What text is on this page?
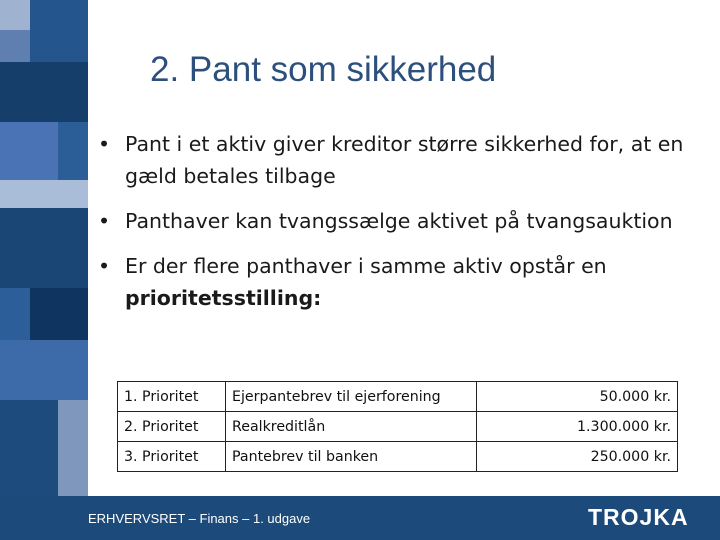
2. Pant som sikkerhed
• Pant i et aktiv giver kreditor større sikkerhed for, at en gæld betales tilbage
• Panthaver kan tvangssælge aktivet på tvangsauktion
• Er der flere panthaver i samme aktiv opstår en prioritetsstilling:
1. Prioritet	Ejerpantebrev til ejerforening	50.000 kr.
2. Prioritet	Realkreditlån	1.300.000 kr.
3. Prioritet	Pantebrev til banken	250.000 kr.
ERHVERVSRET – Finans – 1. udgave	TROJKA
